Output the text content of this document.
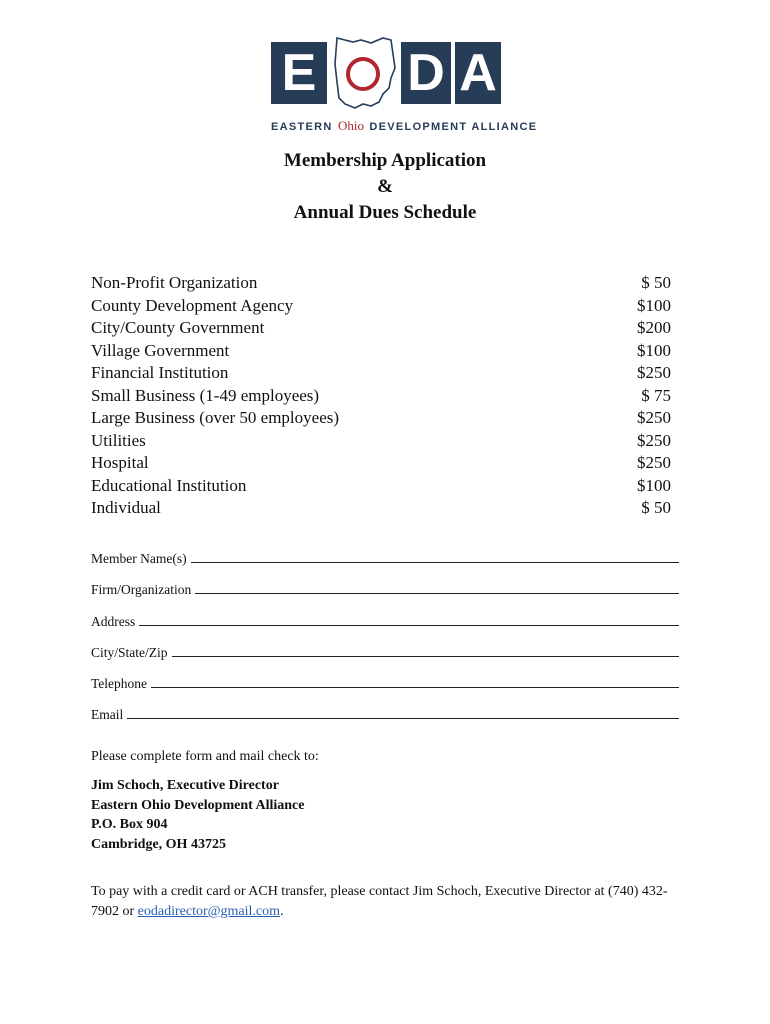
E D A
EASTERN Ohio DEVELOPMENT ALLIANCE
Membership Application
&
Annual Dues Schedule
Non-Profit Organization	$ 50
County Development Agency	$100
City/County Government	$200
Village Government	$100
Financial Institution	$250
Small Business (1-49 employees)	$ 75
Large Business (over 50 employees)	$250
Utilities	$250
Hospital	$250
Educational Institution	$100
Individual	$ 50
Member Name(s)
Firm/Organization
Address
City/State/Zip
Telephone
Email
Please complete form and mail check to:
Jim Schoch, Executive Director
Eastern Ohio Development Alliance
P.O. Box 904
Cambridge, OH 43725
To pay with a credit card or ACH transfer, please contact Jim Schoch, Executive Director at (740) 432-7902 or eodadirector@gmail.com.
